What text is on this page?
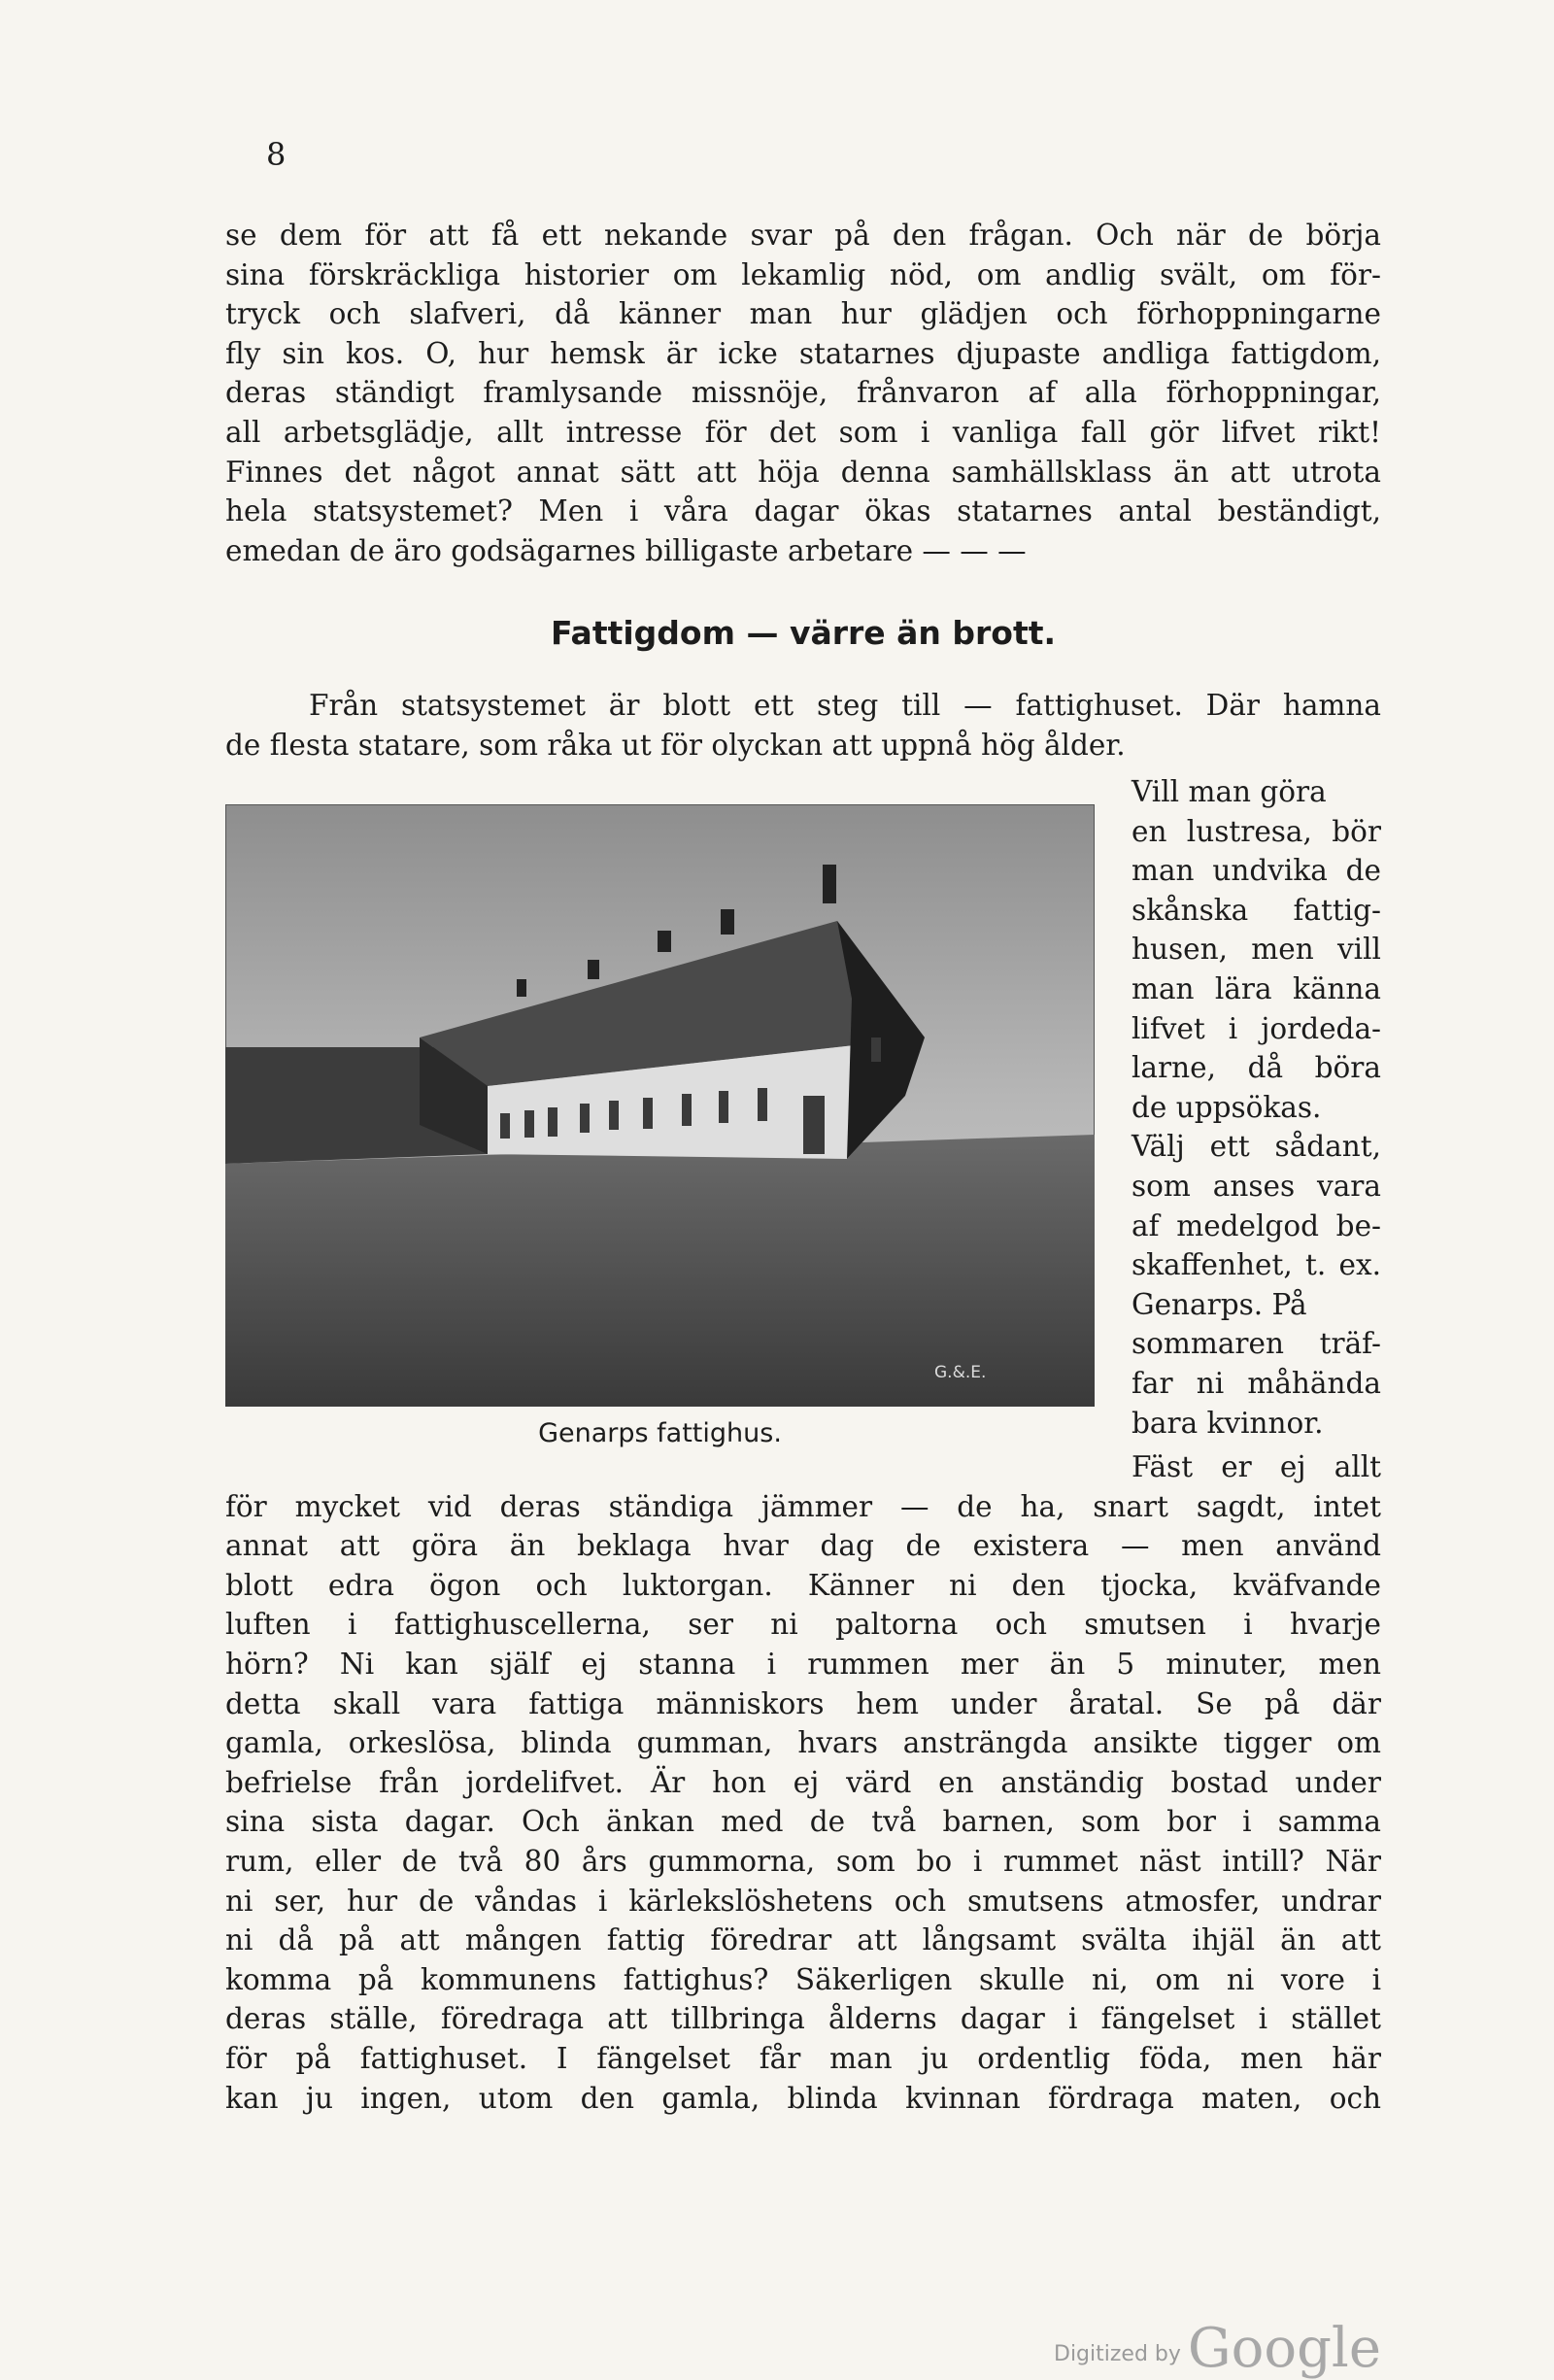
8
se dem för att få ett nekande svar på den frågan. Och när de börja
sina förskräckliga historier om lekamlig nöd, om andlig svält, om för-
tryck och slafveri, då känner man hur glädjen och förhoppningarne
fly sin kos. O, hur hemsk är icke statarnes djupaste andliga fattigdom,
deras ständigt framlysande missnöje, frånvaron af alla förhoppningar,
all arbetsglädje, allt intresse för det som i vanliga fall gör lifvet rikt!
Finnes det något annat sätt att höja denna samhällsklass än att utrota
hela statsystemet? Men i våra dagar ökas statarnes antal beständigt,
emedan de äro godsägarnes billigaste arbetare — — —
Fattigdom — värre än brott.
Från statsystemet är blott ett steg till — fattighuset. Där hamna
de flesta statare, som råka ut för olyckan att uppnå hög ålder.
G.&.E.
Genarps fattighus.
Vill man göra
en lustresa, bör
man undvika de
skånska fattig-
husen, men vill
man lära känna
lifvet i jordeda-
larne, då böra
de uppsökas.
Välj ett sådant,
som anses vara
af medelgod be-
skaffenhet, t. ex.
Genarps. På
sommaren träf-
far ni måhända
bara kvinnor.
Fäst er ej allt
för mycket vid deras ständiga jämmer — de ha, snart sagdt, intet
annat att göra än beklaga hvar dag de existera — men använd
blott edra ögon och luktorgan. Känner ni den tjocka, kväfvande
luften i fattighuscellerna, ser ni paltorna och smutsen i hvarje
hörn? Ni kan själf ej stanna i rummen mer än 5 minuter, men
detta skall vara fattiga människors hem under åratal. Se på där
gamla, orkeslösa, blinda gumman, hvars ansträngda ansikte tigger om
befrielse från jordelifvet. Är hon ej värd en anständig bostad under
sina sista dagar. Och änkan med de två barnen, som bor i samma
rum, eller de två 80 års gummorna, som bo i rummet näst intill? När
ni ser, hur de våndas i kärlekslöshetens och smutsens atmosfer, undrar
ni då på att mången fattig föredrar att långsamt svälta ihjäl än att
komma på kommunens fattighus? Säkerligen skulle ni, om ni vore i
deras ställe, föredraga att tillbringa ålderns dagar i fängelset i stället
för på fattighuset. I fängelset får man ju ordentlig föda, men här
kan ju ingen, utom den gamla, blinda kvinnan fördraga maten, och
Digitized by Google
